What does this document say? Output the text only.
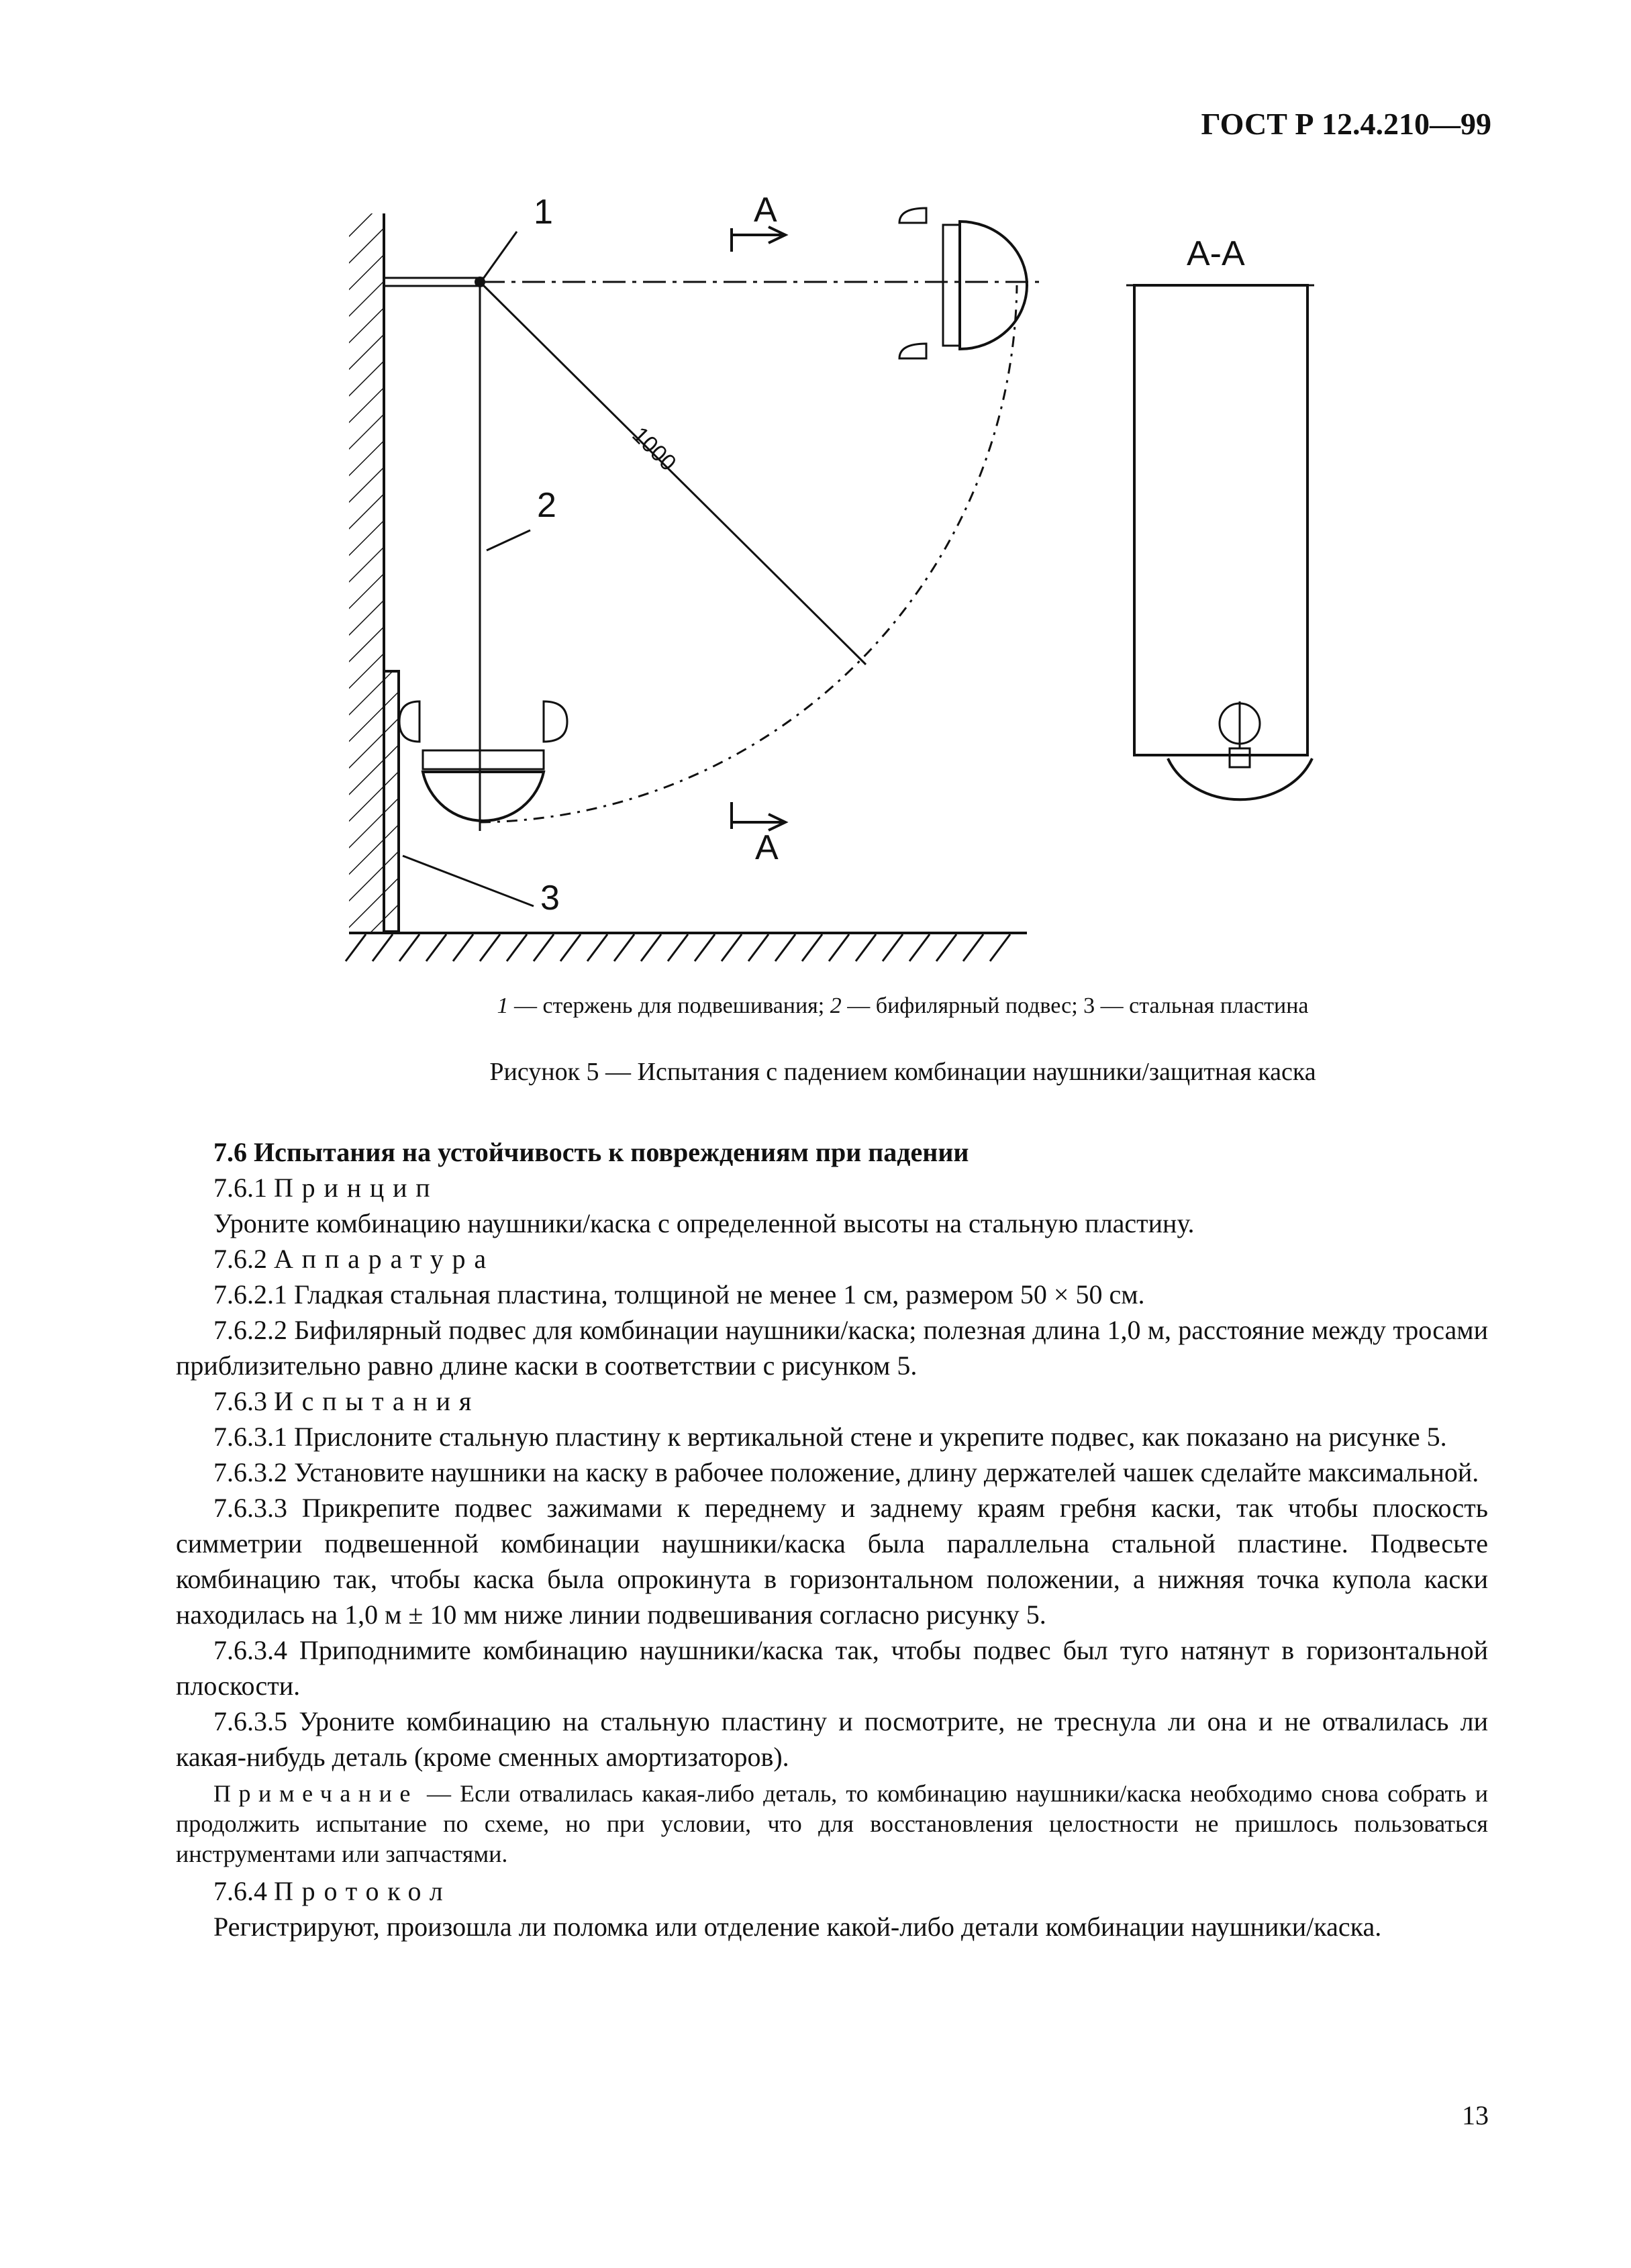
ГОСТ Р 12.4.210—99
1
2
3
А
А
А-А
1000
1 — стержень для подвешивания; 2 — бифилярный подвес; 3 — стальная пластина
Рисунок 5 — Испытания с падением комбинации наушники/защитная каска

7.6 Испытания на устойчивость к повреждениям при падении

7.6.1 Принцип

Уроните комбинацию наушники/каска с определенной высоты на стальную пластину.

7.6.2 Аппаратура

7.6.2.1 Гладкая стальная пластина, толщиной не менее 1 см, размером 50 × 50 см.

7.6.2.2 Бифилярный подвес для комбинации наушники/каска; полезная длина 1,0 м, расстояние между тросами приблизительно равно длине каски в соответствии с рисунком 5.

7.6.3 Испытания

7.6.3.1 Прислоните стальную пластину к вертикальной стене и укрепите подвес, как показано на рисунке 5.

7.6.3.2 Установите наушники на каску в рабочее положение, длину держателей чашек сделайте максимальной.

7.6.3.3 Прикрепите подвес зажимами к переднему и заднему краям гребня каски, так чтобы плоскость симметрии подвешенной комбинации наушники/каска была параллельна стальной пластине. Подвесьте комбинацию так, чтобы каска была опрокинута в горизонтальном положении, а нижняя точка купола каски находилась на 1,0 м ± 10 мм ниже линии подвешивания согласно рисунку 5.

7.6.3.4 Приподнимите комбинацию наушники/каска так, чтобы подвес был туго натянут в горизонтальной плоскости.

7.6.3.5 Уроните комбинацию на стальную пластину и посмотрите, не треснула ли она и не отвалилась ли какая-нибудь деталь (кроме сменных амортизаторов).

Примечание — Если отвалилась какая-либо деталь, то комбинацию наушники/каска необходимо снова собрать и продолжить испытание по схеме, но при условии, что для восстановления целостности не пришлось пользоваться инструментами или запчастями.

7.6.4 Протокол

Регистрируют, произошла ли поломка или отделение какой-либо детали комбинации наушники/каска.

13
